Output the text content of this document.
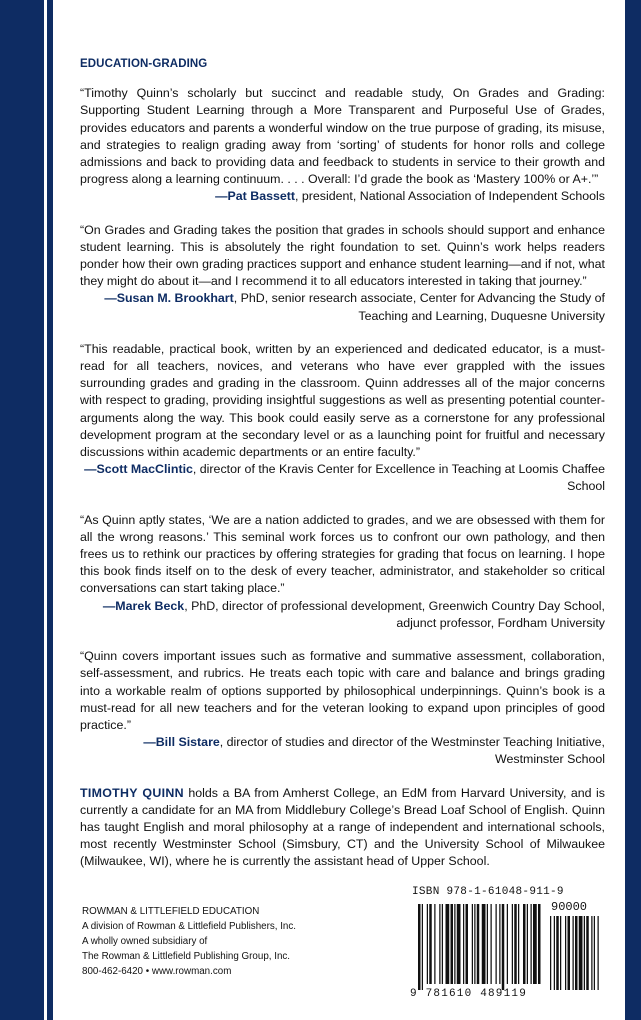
EDUCATION-GRADING
“Timothy Quinn’s scholarly but succinct and readable study, On Grades and Grading: Supporting Student Learning through a More Transparent and Purposeful Use of Grades, provides educators and parents a wonderful window on the true purpose of grading, its misuse, and strategies to realign grading away from ‘sorting’ of students for honor rolls and college admissions and back to providing data and feedback to students in service to their growth and progress along a learning continuum. . . . Overall: I’d grade the book as ‘Mastery 100% or A+.’”
—Pat Bassett, president, National Association of Independent Schools
“On Grades and Grading takes the position that grades in schools should support and enhance student learning. This is absolutely the right foundation to set. Quinn’s work helps readers ponder how their own grading practices support and enhance student learning—and if not, what they might do about it—and I recommend it to all educators interested in taking that journey.”
—Susan M. Brookhart, PhD, senior research associate, Center for Advancing the Study of Teaching and Learning, Duquesne University
“This readable, practical book, written by an experienced and dedicated educator, is a must-read for all teachers, novices, and veterans who have ever grappled with the issues surrounding grades and grading in the classroom. Quinn addresses all of the major concerns with respect to grading, providing insightful suggestions as well as presenting potential counter-arguments along the way. This book could easily serve as a cornerstone for any professional development program at the secondary level or as a launching point for fruitful and necessary discussions within academic departments or an entire faculty.”
—Scott MacClintic, director of the Kravis Center for Excellence in Teaching at Loomis Chaffee School
“As Quinn aptly states, ‘We are a nation addicted to grades, and we are obsessed with them for all the wrong reasons.’ This seminal work forces us to confront our own pathology, and then frees us to rethink our practices by offering strategies for grading that focus on learning. I hope this book finds itself on to the desk of every teacher, administrator, and stakeholder so critical conversations can start taking place.”
—Marek Beck, PhD, director of professional development, Greenwich Country Day School, adjunct professor, Fordham University
“Quinn covers important issues such as formative and summative assessment, collaboration, self-assessment, and rubrics. He treats each topic with care and balance and brings grading into a workable realm of options supported by philosophical underpinnings. Quinn’s book is a must-read for all new teachers and for the veteran looking to expand upon principles of good practice.”
—Bill Sistare, director of studies and director of the Westminster Teaching Initiative, Westminster School
TIMOTHY QUINN holds a BA from Amherst College, an EdM from Harvard University, and is currently a candidate for an MA from Middlebury College’s Bread Loaf School of English. Quinn has taught English and moral philosophy at a range of independent and international schools, most recently Westminster School (Simsbury, CT) and the University School of Milwaukee (Milwaukee, WI), where he is currently the assistant head of Upper School.
ROWMAN & LITTLEFIELD EDUCATION
A division of Rowman & Littlefield Publishers, Inc.
A wholly owned subsidiary of
The Rowman & Littlefield Publishing Group, Inc.
800-462-6420 • www.rowman.com
ISBN 978-1-61048-911-9
90000
9 781610 489119
